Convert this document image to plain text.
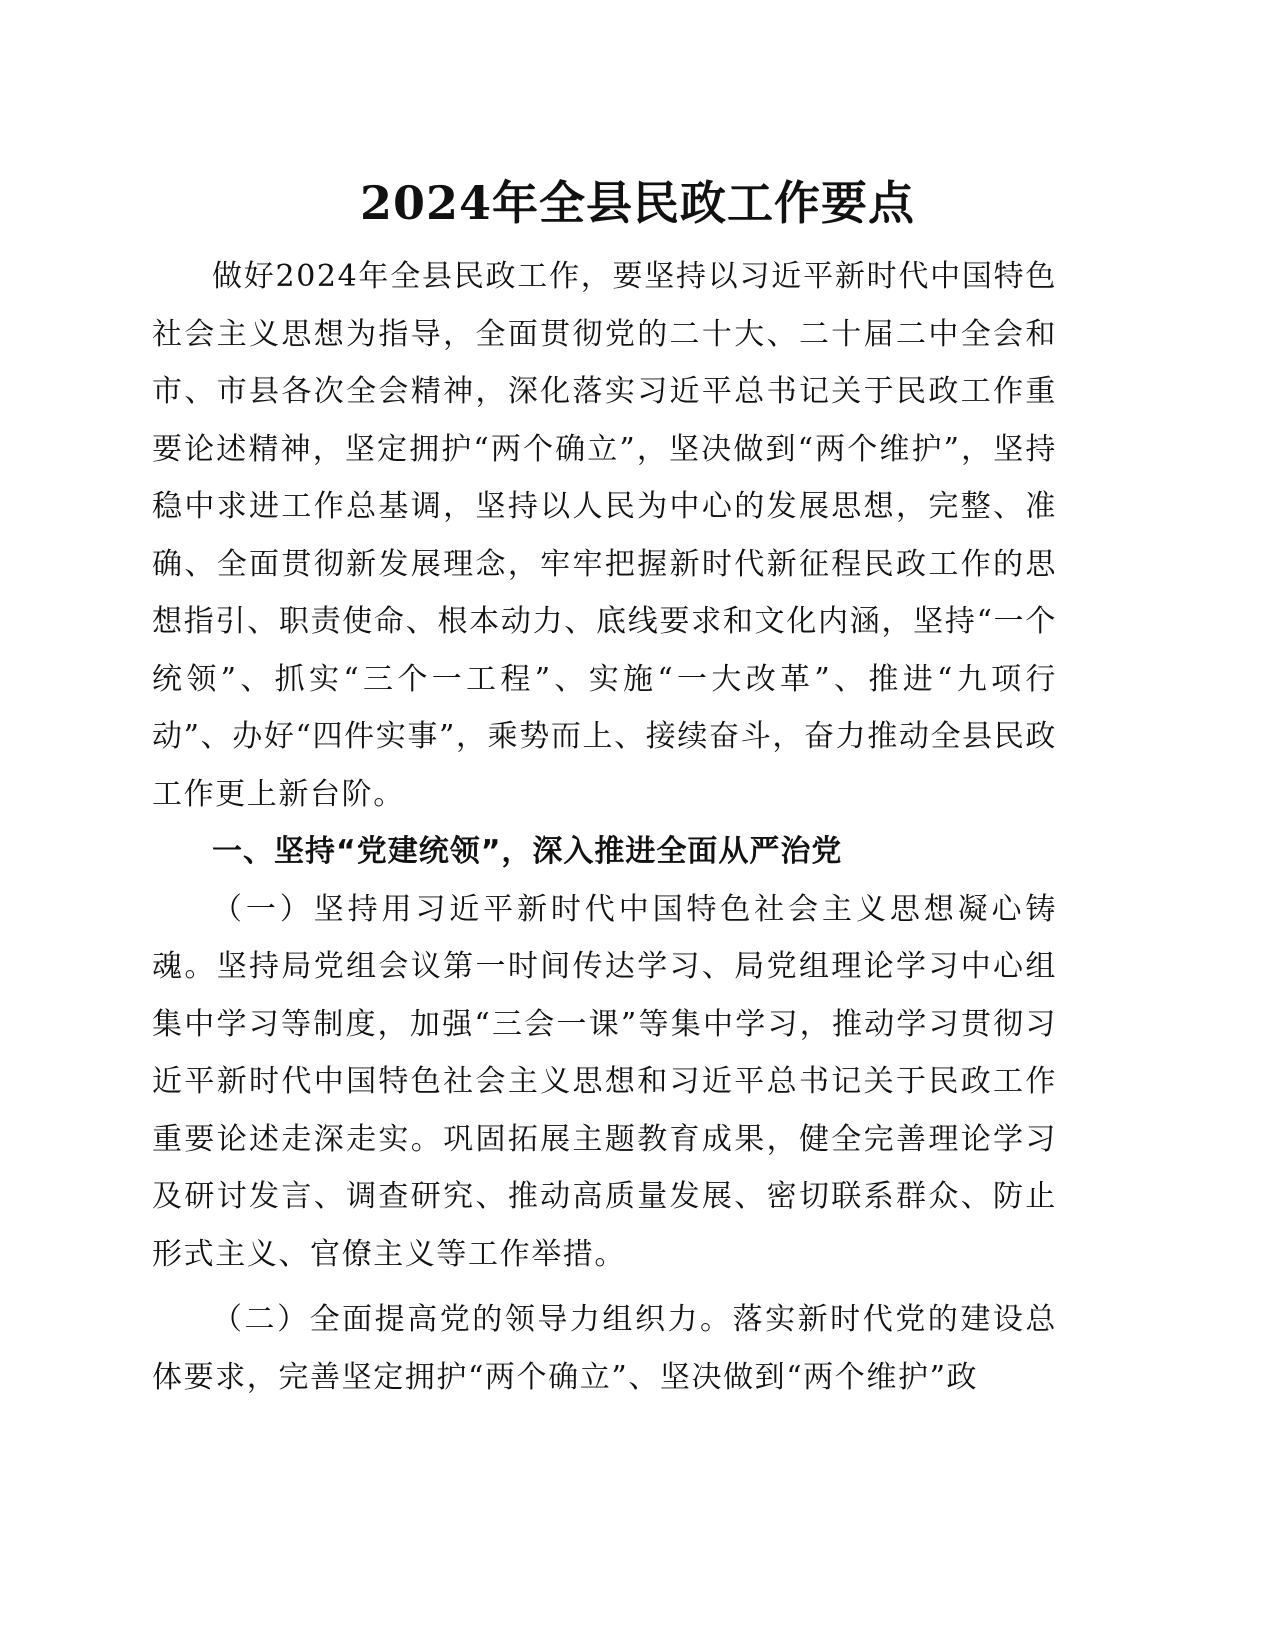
2024年全县民政工作要点

做好2024年全县民政工作，要坚持以习近平新时代中国特色社会主义思想为指导，全面贯彻党的二十大、二十届二中全会和市、市县各次全会精神，深化落实习近平总书记关于民政工作重要论述精神，坚定拥护“两个确立”，坚决做到“两个维护”，坚持稳中求进工作总基调，坚持以人民为中心的发展思想，完整、准确、全面贯彻新发展理念，牢牢把握新时代新征程民政工作的思想指引、职责使命、根本动力、底线要求和文化内涵，坚持“一个统领”、抓实“三个一工程”、实施“一大改革”、推进“九项行动”、办好“四件实事”，乘势而上、接续奋斗，奋力推动全县民政工作更上新台阶。

一、坚持“党建统领”，深入推进全面从严治党

（一）坚持用习近平新时代中国特色社会主义思想凝心铸魂。坚持局党组会议第一时间传达学习、局党组理论学习中心组集中学习等制度，加强“三会一课”等集中学习，推动学习贯彻习近平新时代中国特色社会主义思想和习近平总书记关于民政工作重要论述走深走实。巩固拓展主题教育成果，健全完善理论学习及研讨发言、调查研究、推动高质量发展、密切联系群众、防止形式主义、官僚主义等工作举措。

（二）全面提高党的领导力组织力。落实新时代党的建设总体要求，完善坚定拥护“两个确立”、坚决做到“两个维护”政
